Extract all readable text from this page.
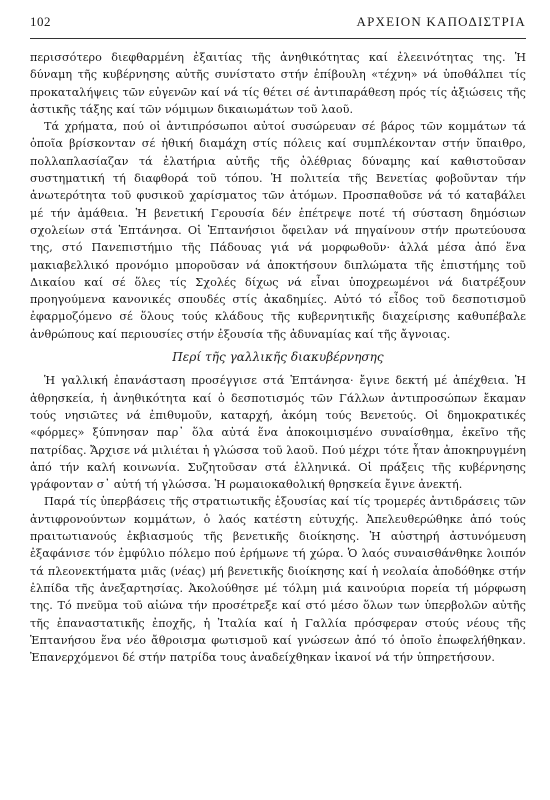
102	ΑΡΧΕΙΟΝ ΚΑΠΟΔΙΣΤΡΙΑ

περισσότερο διεφθαρμένη ἐξαιτίας τῆς ἀνηθικότητας καί ἐλεεινότητας της. Ἡ δύναμη τῆς κυβέρνησης αὐτῆς συνίστατο στήν ἐπίβουλη «τέχνη» νά ὑποθάλπει τίς προκαταλήψεις τῶν εὐγενῶν καί νά τίς θέτει σέ ἀντιπαράθεση πρός τίς ἀξιώσεις τῆς ἀστικῆς τάξης καί τῶν νόμιμων δικαιωμάτων τοῦ λαοῦ.

Τά χρήματα, πού οἱ ἀντιπρόσωποι αὐτοί συσώρευαν σέ βάρος τῶν κομμάτων τά ὁποῖα βρίσκονταν σέ ἠθική διαμάχη στίς πόλεις καί συμπλέκονταν στήν ὕπαιθρο, πολλαπλασίαζαν τά ἐλατήρια αὐτῆς τῆς ὀλέθριας δύναμης καί καθιστοῦσαν συστηματική τή διαφθορά τοῦ τόπου. Ἡ πολιτεία τῆς Βενετίας φοβοῦνταν τήν ἀνωτερότητα τοῦ φυσικοῦ χαρίσματος τῶν ἀτόμων. Προσπαθοῦσε νά τό καταβάλει μέ τήν ἀμάθεια. Ἡ βενετική Γερουσία δέν ἐπέτρεψε ποτέ τή σύσταση δημόσιων σχολείων στά Ἑπτάνησα. Οἱ Ἑπτανήσιοι ὄφειλαν νά πηγαίνουν στήν πρωτεύουσα της, στό Πανεπιστήμιο τῆς Πάδουας γιά νά μορφωθοῦν· ἀλλά μέσα ἀπό ἕνα μακιαβελλικό προνόμιο μποροῦσαν νά ἀποκτήσουν διπλώματα τῆς ἐπιστήμης τοῦ Δικαίου καί σέ ὅλες τίς Σχολές δίχως νά εἶναι ὑποχρεωμένοι νά διατρέξουν προηγούμενα κανονικές σπουδές στίς ἀκαδημίες. Αὐτό τό εἶδος τοῦ δεσποτισμοῦ ἐφαρμοζόμενο σέ ὅλους τούς κλάδους τῆς κυβερνητικῆς διαχείρισης καθυπέβαλε ἀνθρώπους καί περιουσίες στήν ἐξουσία τῆς ἀδυναμίας καί τῆς ἄγνοιας.

Περί τῆς γαλλικῆς διακυβέρνησης

Ἡ γαλλική ἐπανάσταση προσέγγισε στά Ἑπτάνησα· ἔγινε δεκτή μέ ἀπέχθεια. Ἡ ἀθρησκεία, ἡ ἀνηθικότητα καί ὁ δεσποτισμός τῶν Γάλλων ἀντιπροσώπων ἔκαμαν τούς νησιῶτες νά ἐπιθυμοῦν, καταρχή, ἀκόμη τούς Βενετούς. Οἱ δημοκρατικές «φόρμες» ξύπνησαν παρ᾽ ὅλα αὐτά ἕνα ἀποκοιμισμένο συναίσθημα, ἐκεῖνο τῆς πατρίδας. Ἄρχισε νά μιλιέται ἡ γλώσσα τοῦ λαοῦ. Πού μέχρι τότε ἦταν ἀποκηρυγμένη ἀπό τήν καλή κοινωνία. Συζητοῦσαν στά ἑλληνικά. Οἱ πράξεις τῆς κυβέρνησης γράφονταν σ᾽ αὐτή τή γλώσσα. Ἡ ρωμαιοκαθολική θρησκεία ἔγινε ἀνεκτή.

Παρά τίς ὑπερβάσεις τῆς στρατιωτικῆς ἐξουσίας καί τίς τρομερές ἀντιδράσεις τῶν ἀντιφρονούντων κομμάτων, ὁ λαός κατέστη εὐτυχής. Ἀπελευθερώθηκε ἀπό τούς πραιτωτιανούς ἐκβιασμούς τῆς βενετικῆς διοίκησης. Ἡ αὐστηρή ἀστυνόμευση ἐξαφάνισε τόν ἐμφύλιο πόλεμο πού ἐρήμωνε τή χώρα. Ὁ λαός συναισθάνθηκε λοιπόν τά πλεονεκτήματα μιᾶς (νέας) μή βενετικῆς διοίκησης καί ἡ νεολαία ἀποδόθηκε στήν ἐλπίδα τῆς ἀνεξαρτησίας. Ἀκολούθησε μέ τόλμη μιά καινούρια πορεία τή μόρφωση της. Τό πνεῦμα τοῦ αἰώνα τήν προσέτρεξε καί στό μέσο ὅλων των ὑπερβολῶν αὐτῆς τῆς ἐπαναστατικῆς ἐποχῆς, ἡ Ἰταλία καί ἡ Γαλλία πρόσφεραν στούς νέους τῆς Ἑπτανήσου ἕνα νέο ἄθροισμα φωτισμοῦ καί γνώσεων ἀπό τό ὁποῖο ἐπωφελήθηκαν. Ἐπανερχόμενοι δέ στήν πατρίδα τους ἀναδείχθηκαν ἱκανοί νά τήν ὑπηρετήσουν.
